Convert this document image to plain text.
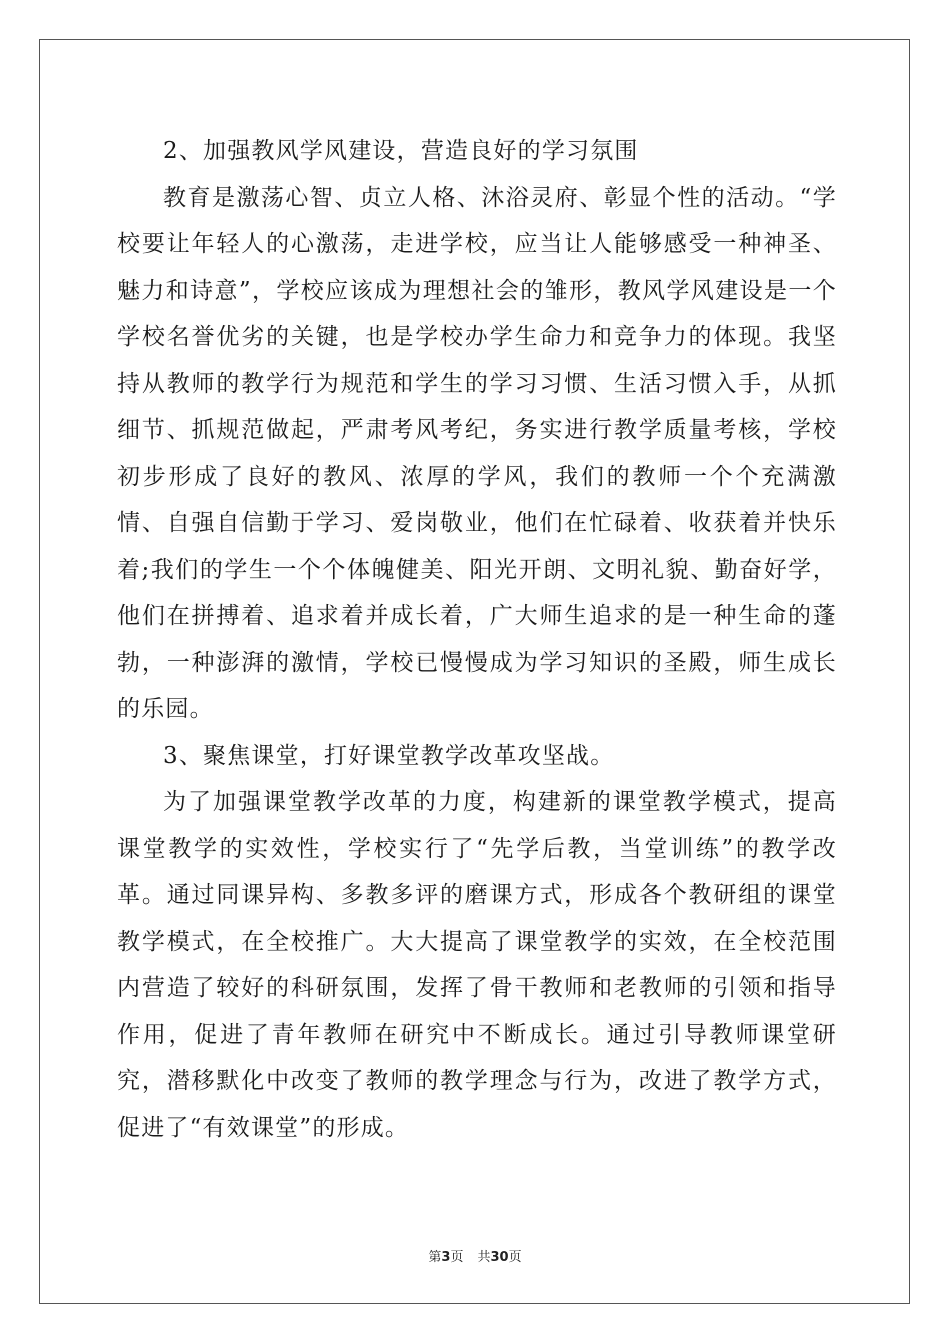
2、加强教风学风建设，营造良好的学习氛围

教育是激荡心智、贞立人格、沐浴灵府、彰显个性的活动。“学校要让年轻人的心激荡，走进学校，应当让人能够感受一种神圣、魅力和诗意”，学校应该成为理想社会的雏形，教风学风建设是一个学校名誉优劣的关键，也是学校办学生命力和竞争力的体现。我坚持从教师的教学行为规范和学生的学习习惯、生活习惯入手，从抓细节、抓规范做起，严肃考风考纪，务实进行教学质量考核，学校初步形成了良好的教风、浓厚的学风，我们的教师一个个充满激情、自强自信勤于学习、爱岗敬业，他们在忙碌着、收获着并快乐着;我们的学生一个个体魄健美、阳光开朗、文明礼貌、勤奋好学，他们在拼搏着、追求着并成长着，广大师生追求的是一种生命的蓬勃，一种澎湃的激情，学校已慢慢成为学习知识的圣殿，师生成长的乐园。

3、聚焦课堂，打好课堂教学改革攻坚战。

为了加强课堂教学改革的力度，构建新的课堂教学模式，提高课堂教学的实效性，学校实行了“先学后教，当堂训练”的教学改革。通过同课异构、多教多评的磨课方式，形成各个教研组的课堂教学模式，在全校推广。大大提高了课堂教学的实效，在全校范围内营造了较好的科研氛围，发挥了骨干教师和老教师的引领和指导作用，促进了青年教师在研究中不断成长。通过引导教师课堂研究，潜移默化中改变了教师的教学理念与行为，改进了教学方式，促进了“有效课堂”的形成。

第3页 共30页
